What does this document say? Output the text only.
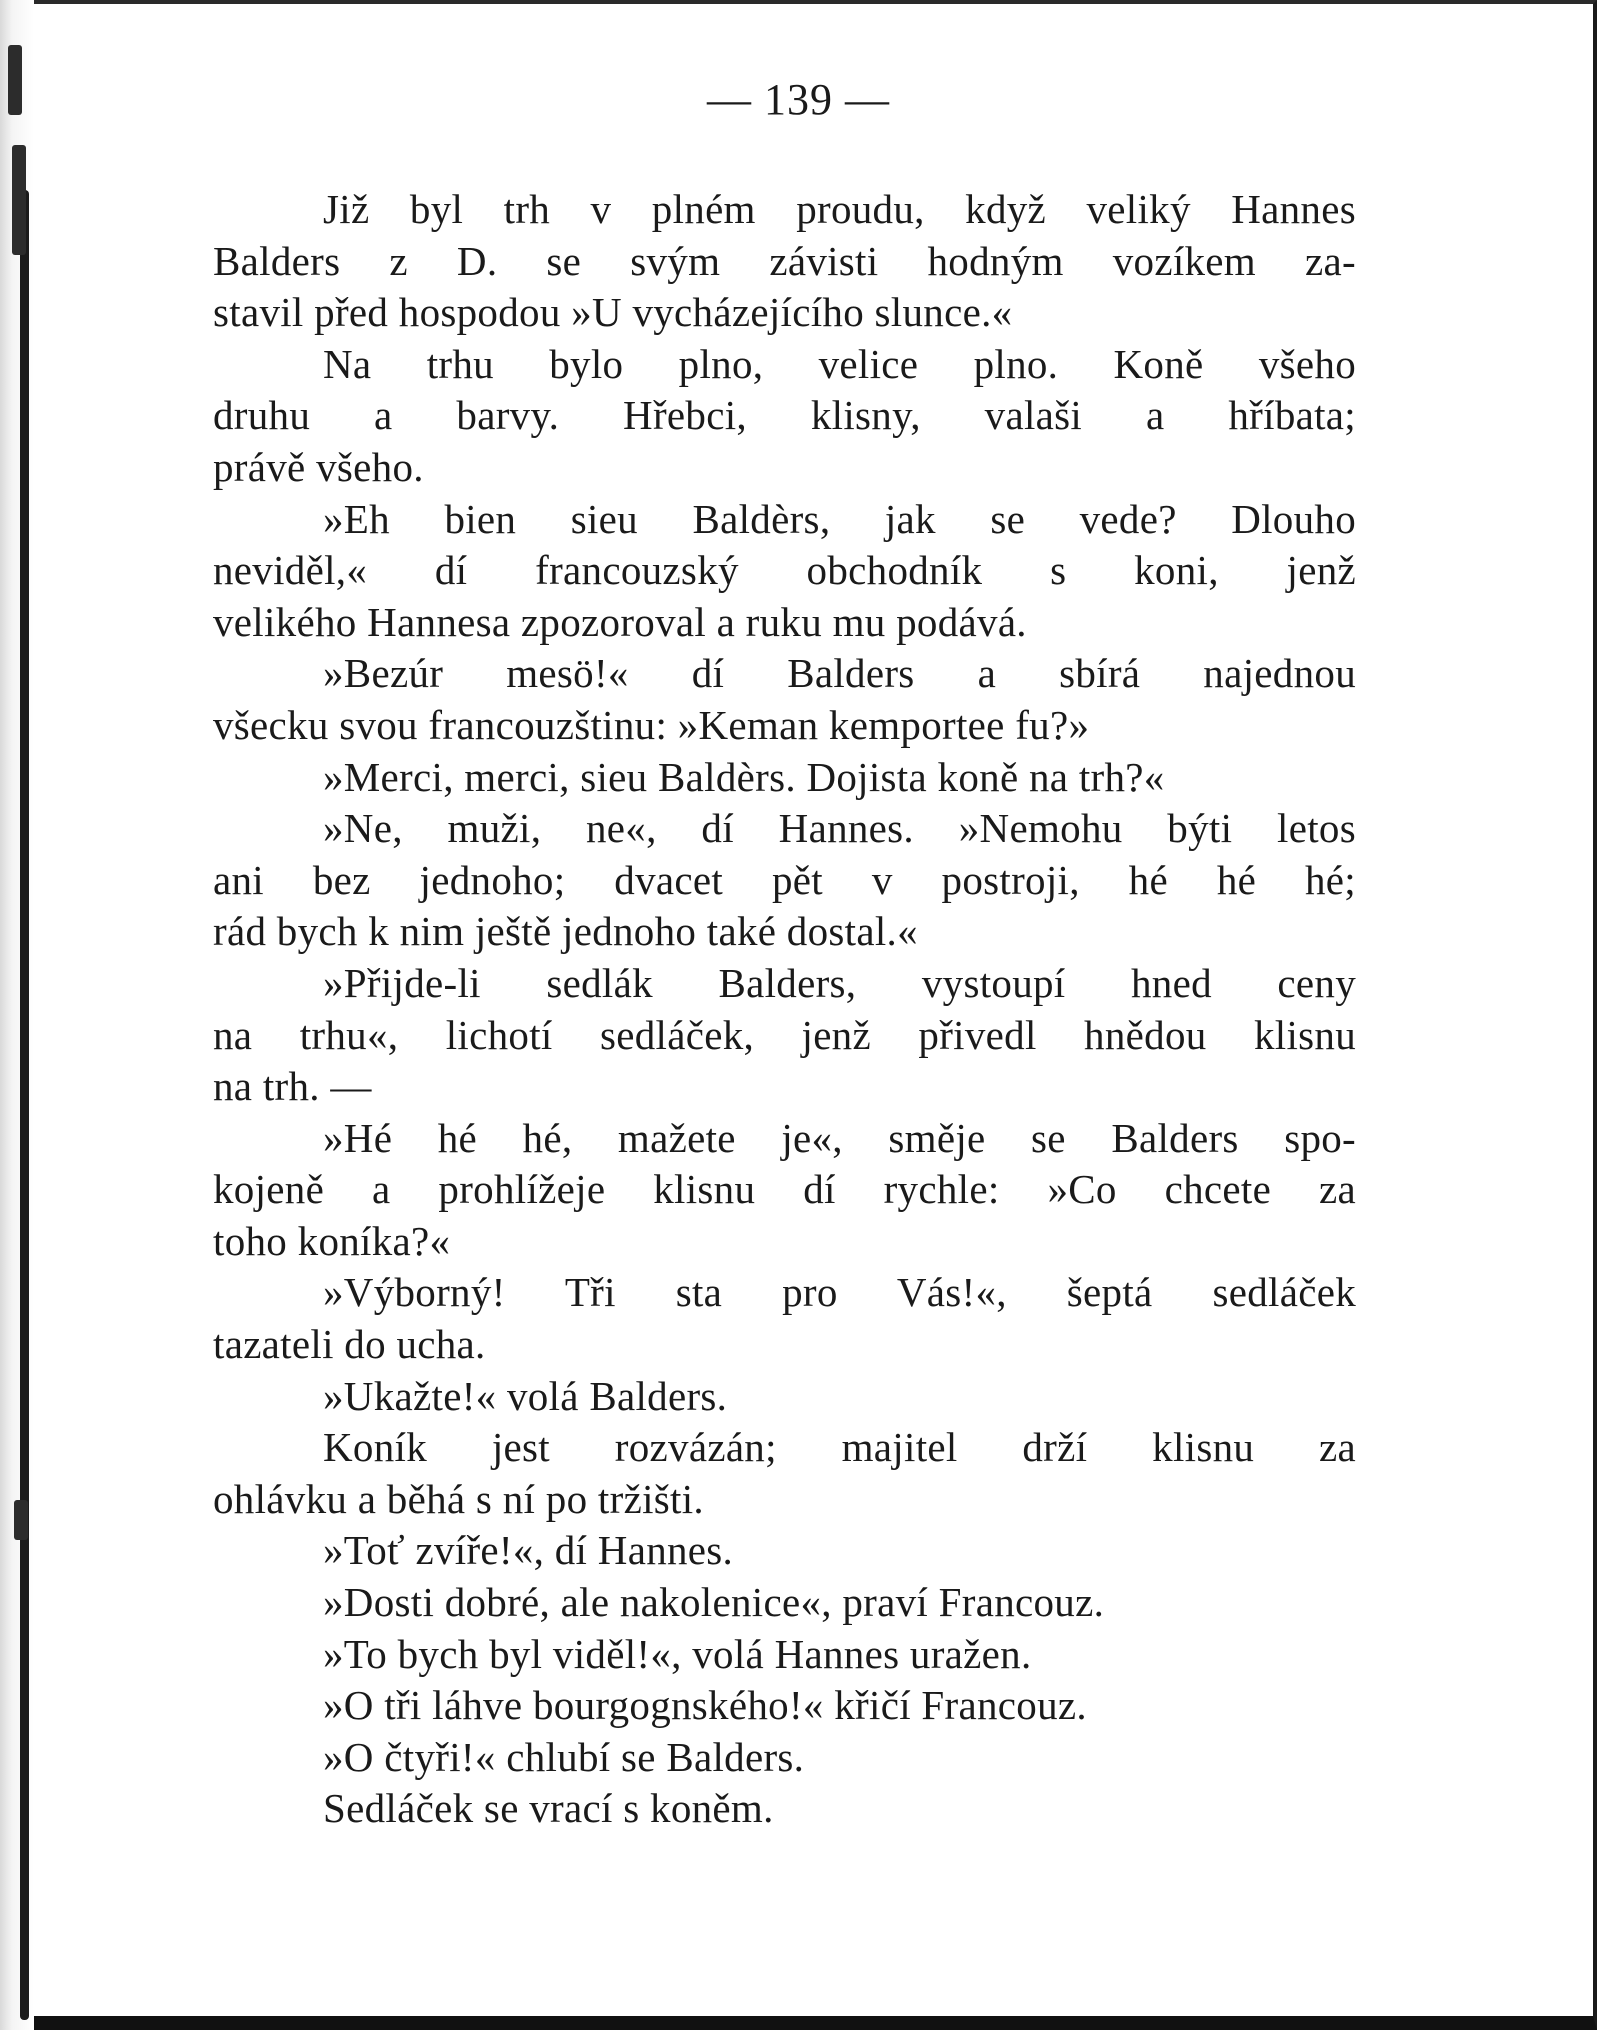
— 139 —
Již byl trh v plném proudu, když veliký Hannes
Balders z D. se svým závisti hodným vozíkem za-
stavil před hospodou »U vycházejícího slunce.«
Na trhu bylo plno, velice plno. Koně všeho
druhu a barvy. Hřebci, klisny, valaši a hříbata;
právě všeho.
»Eh bien sieu Baldèrs, jak se vede? Dlouho
neviděl,« dí francouzský obchodník s koni, jenž
velikého Hannesa zpozoroval a ruku mu podává.
»Bezúr mesö!« dí Balders a sbírá najednou
všecku svou francouzštinu: »Keman kemportee fu?»
»Merci, merci, sieu Baldèrs. Dojista koně na trh?«
»Ne, muži, ne«, dí Hannes. »Nemohu býti letos
ani bez jednoho; dvacet pět v postroji, hé hé hé;
rád bych k nim ještě jednoho také dostal.«
»Přijde-li sedlák Balders, vystoupí hned ceny
na trhu«, lichotí sedláček, jenž přivedl hnědou klisnu
na trh. —
»Hé hé hé, mažete je«, směje se Balders spo-
kojeně a prohlížeje klisnu dí rychle: »Co chcete za
toho koníka?«
»Výborný! Tři sta pro Vás!«, šeptá sedláček
tazateli do ucha.
»Ukažte!« volá Balders.
Koník jest rozvázán; majitel drží klisnu za
ohlávku a běhá s ní po tržišti.
»Toť zvíře!«, dí Hannes.
»Dosti dobré, ale nakolenice«, praví Francouz.
»To bych byl viděl!«, volá Hannes uražen.
»O tři láhve bourgognského!« křičí Francouz.
»O čtyři!« chlubí se Balders.
Sedláček se vrací s koněm.
